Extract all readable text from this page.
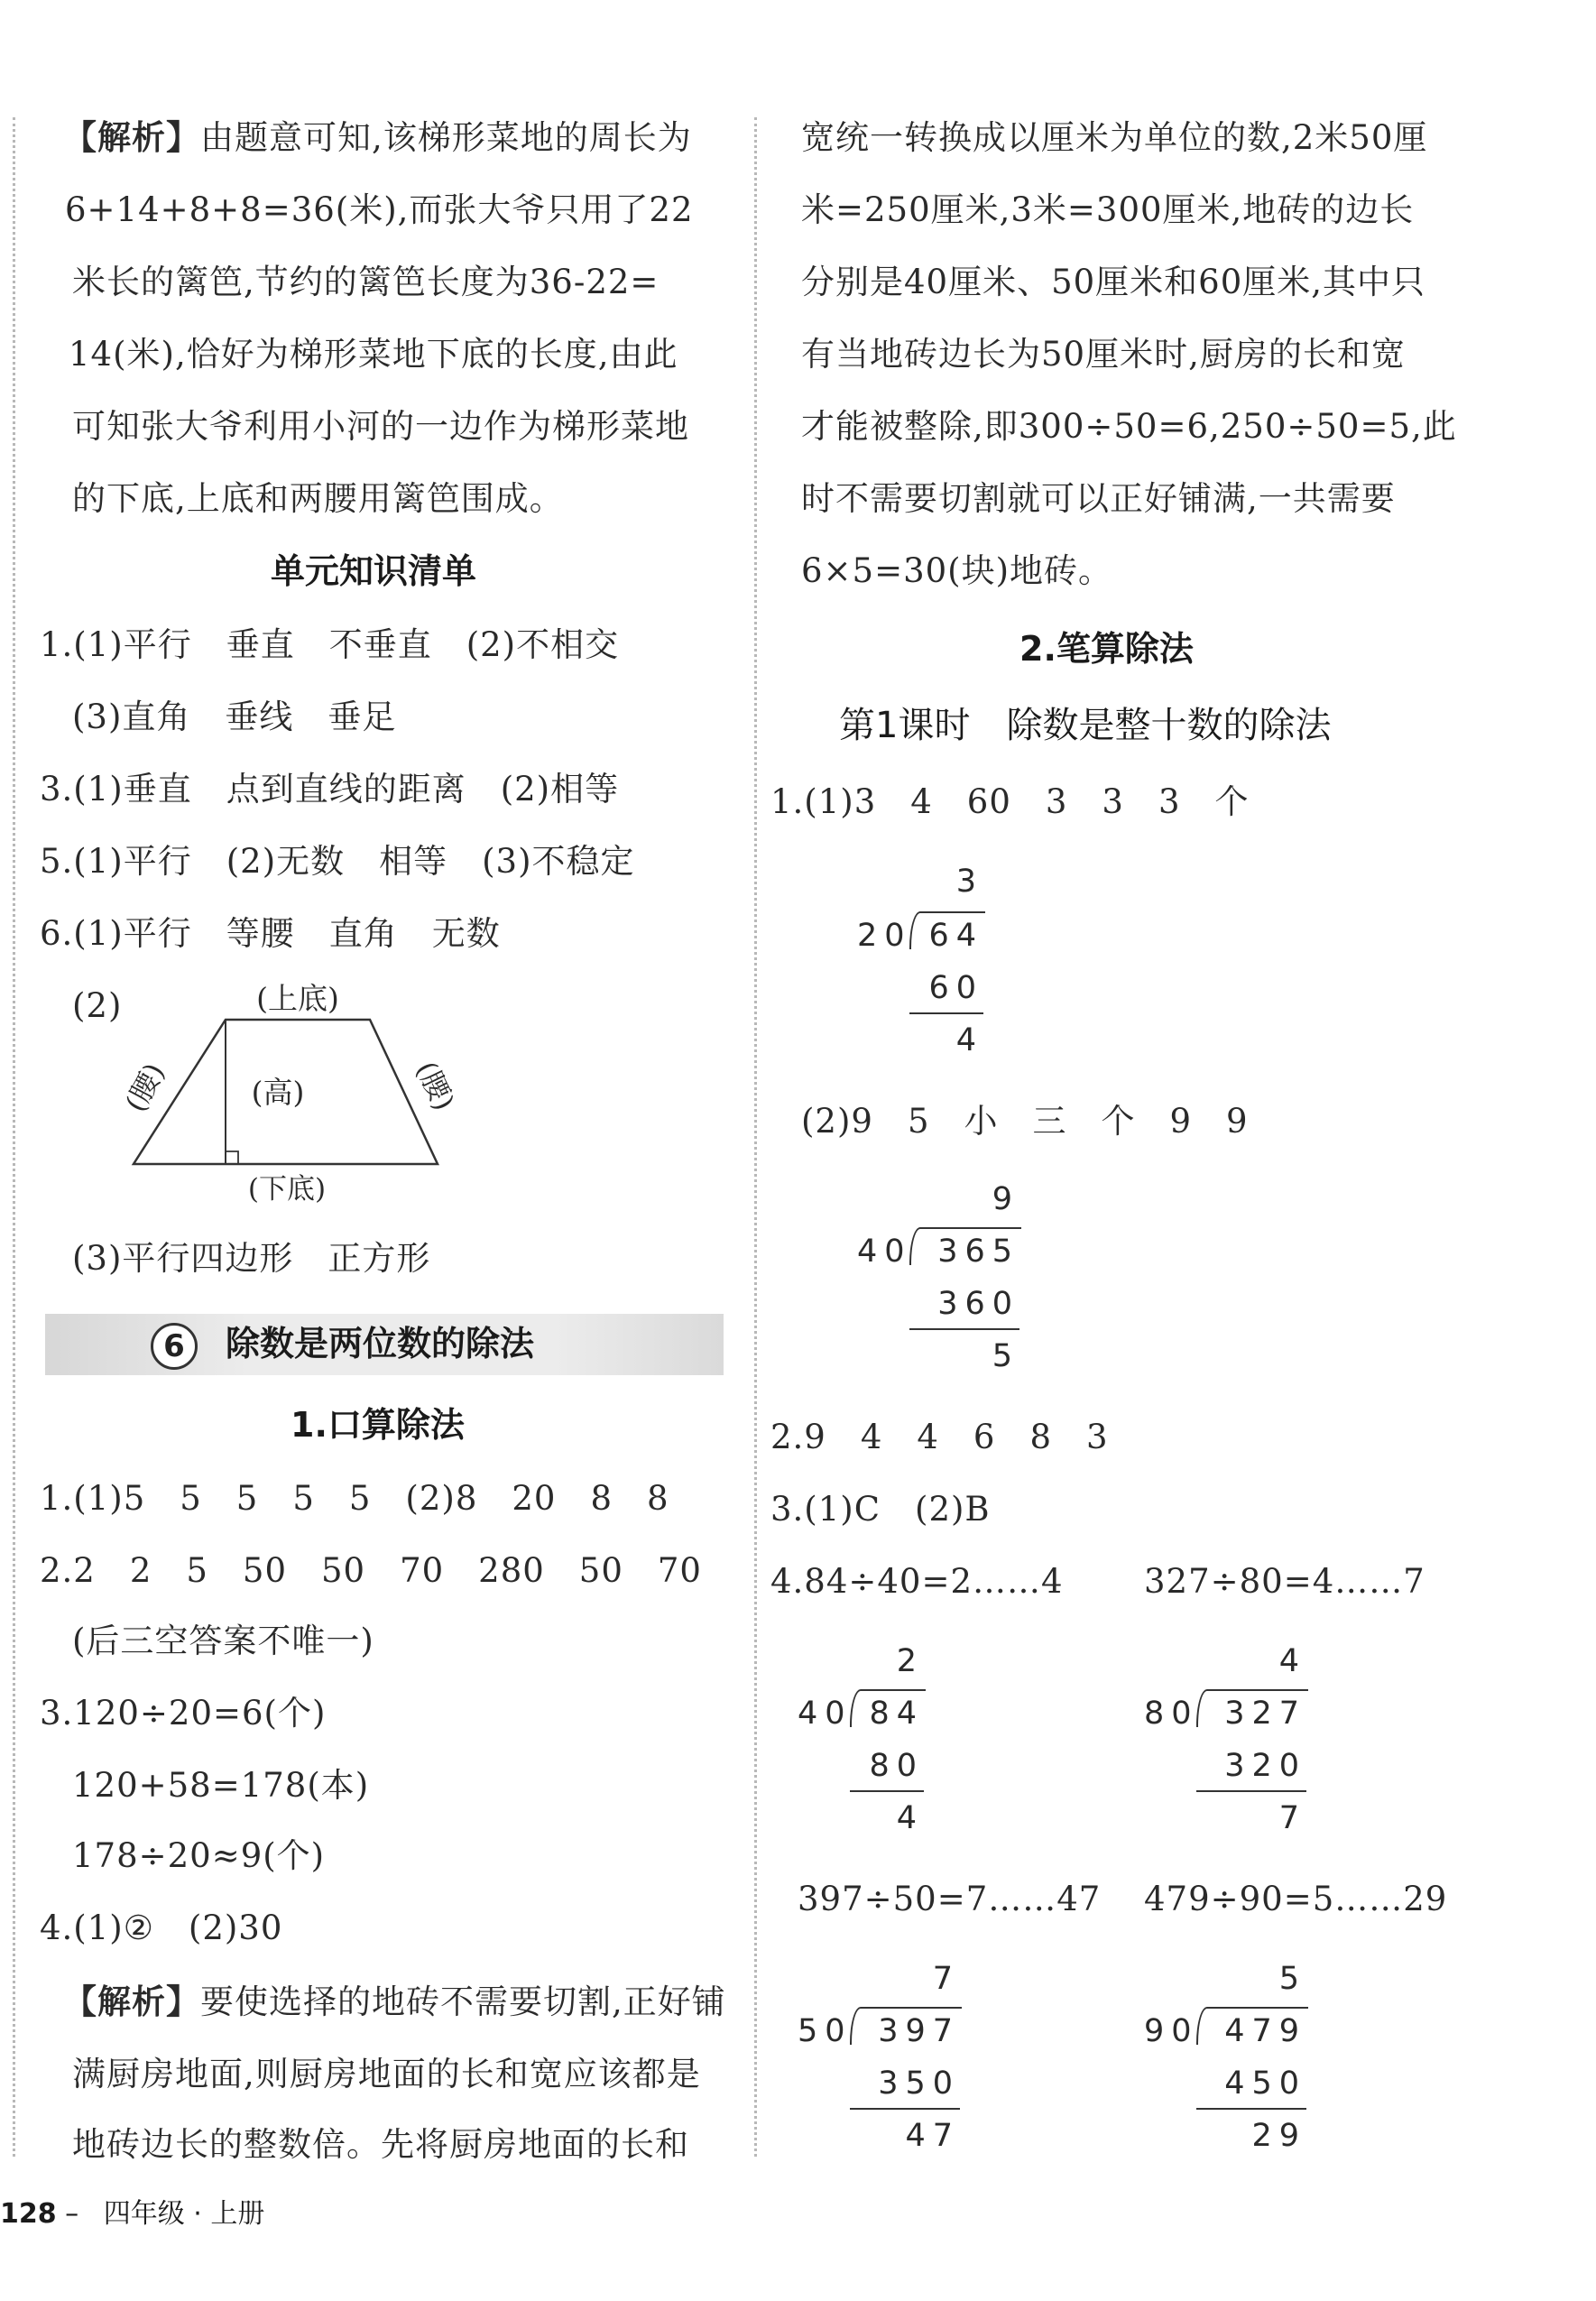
【解析】由题意可知,该梯形菜地的周长为
6+14+8+8=36(米),而张大爷只用了22
米长的篱笆,节约的篱笆长度为36-22=
14(米),恰好为梯形菜地下底的长度,由此
可知张大爷利用小河的一边作为梯形菜地
的下底,上底和两腰用篱笆围成。
单元知识清单
1.(1)平行　垂直　不垂直　(2)不相交
(3)直角　垂线　垂足
3.(1)垂直　点到直线的距离　(2)相等
5.(1)平行　(2)无数　相等　(3)不稳定
6.(1)平行　等腰　直角　无数
(2)	(上底)
(高)
(下底)
(腰)	(腰)
(3)平行四边形　正方形
6	除数是两位数的除法
1.口算除法
1.(1)5　5　5　5　5　(2)8　20　8　8
2.2　2　5　50　50　70　280　50　70
(后三空答案不唯一)
3.120÷20=6(个)
120+58=178(本)
178÷20≈9(个)
4.(1)②　(2)30
【解析】要使选择的地砖不需要切割,正好铺
满厨房地面,则厨房地面的长和宽应该都是
地砖边长的整数倍。先将厨房地面的长和
宽统一转换成以厘米为单位的数,2米50厘
米=250厘米,3米=300厘米,地砖的边长
分别是40厘米、50厘米和60厘米,其中只
有当地砖边长为50厘米时,厨房的长和宽
才能被整除,即300÷50=6,250÷50=5,此
时不需要切割就可以正好铺满,一共需要
6×5=30(块)地砖。
2.笔算除法
第1课时　除数是整十数的除法
1.(1)3　4　60　3　3　3　个
3
20 64
60
4
(2)9　5　小　三　个　9　9
9
40 365
360
5
2.9　4　4　6　8　3
3.(1)C　(2)B
4.84÷40=2……4 327÷80=4……7
2
40 84
80
4
4
80 327
320
7
397÷50=7……47 479÷90=5……29
7
50 397
350
47
5
90 479
450
29
128 – 四年级 · 上册
